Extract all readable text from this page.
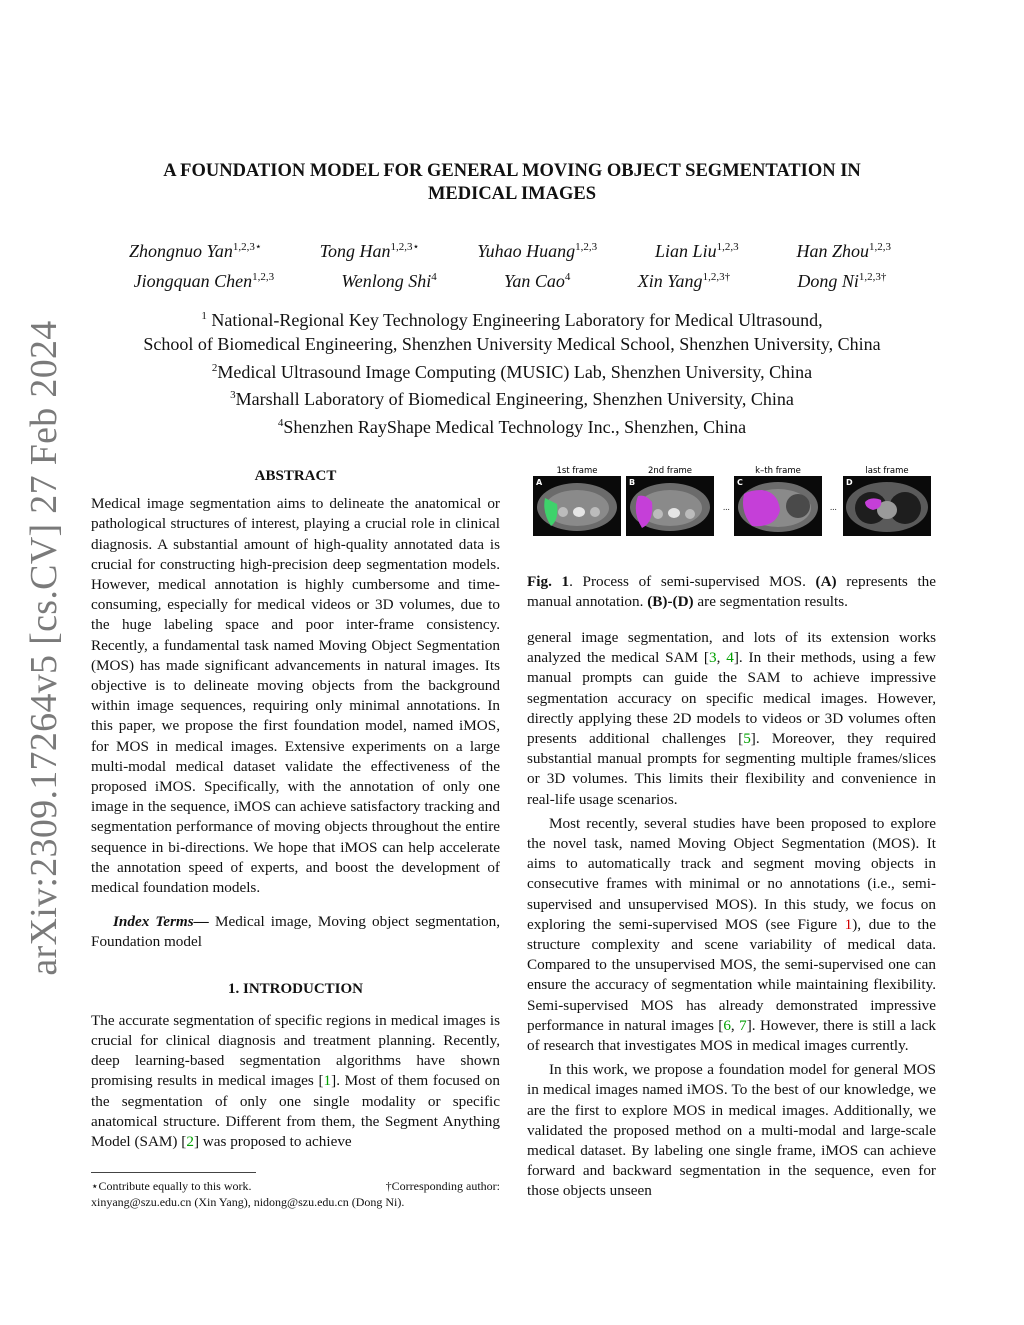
arXiv:2309.17264v5 [cs.CV] 27 Feb 2024
A FOUNDATION MODEL FOR GENERAL MOVING OBJECT SEGMENTATION IN
MEDICAL IMAGES
Zhongnuo Yan$^{1,2,3⋆}$	Tong Han$^{1,2,3⋆}$	Yuhao Huang$^{1,2,3}$	Lian Liu$^{1,2,3}$	Han Zhou$^{1,2,3}$
Jiongquan Chen$^{1,2,3}$	Wenlong Shi$^4$	Yan Cao$^4$	Xin Yang$^{1,2,3\dagger}$	Dong $Ni^{1,2,3\dagger}$
$^1$ National-Regional Key Technology Engineering Laboratory for Medical Ultrasound,
School of Biomedical Engineering, Shenzhen University Medical School, Shenzhen University, China
$^2$Medical Ultrasound Image Computing (MUSIC) Lab, Shenzhen University, China
$^3$Marshall Laboratory of Biomedical Engineering, Shenzhen University, China
$^4$Shenzhen RayShape Medical Technology Inc., Shenzhen, China
ABSTRACT

Medical image segmentation aims to delineate the anatomical or pathological structures of interest, playing a crucial role in clinical diagnosis. A substantial amount of high-quality annotated data is crucial for constructing high-precision deep segmentation models. However, medical annotation is highly cumbersome and time-consuming, especially for medical videos or 3D volumes, due to the huge labeling space and poor inter-frame consistency. Recently, a fundamental task named Moving Object Segmentation (MOS) has made significant advancements in natural images. Its objective is to delineate moving objects from the background within image sequences, requiring only minimal annotations. In this paper, we propose the first foundation model, named iMOS, for MOS in medical images. Extensive experiments on a large multi-modal medical dataset validate the effectiveness of the proposed iMOS. Specifically, with the annotation of only one image in the sequence, iMOS can achieve satisfactory tracking and segmentation performance of moving objects throughout the entire sequence in bi-directions. We hope that iMOS can help accelerate the annotation speed of experts, and boost the development of medical foundation models.

Index Terms— Medical image, Moving object segmentation, Foundation model

1. INTRODUCTION

The accurate segmentation of specific regions in medical images is crucial for clinical diagnosis and treatment planning. Recently, deep learning-based segmentation algorithms have shown promising results in medical images [1]. Most of them focused on the segmentation of only one single modality or specific anatomical structure. Different from them, the Segment Anything Model (SAM) [2] was proposed to achieve

⋆Contribute equally to this work.	†Corresponding author:
xinyang@szu.edu.cn (Xin Yang), nidong@szu.edu.cn (Dong Ni).
A
1st frame
B
2nd frame
...
C
k–th frame
...
D
last frame
Fig. 1. Process of semi-supervised MOS. (A) represents the manual annotation. (B)-(D) are segmentation results.

general image segmentation, and lots of its extension works analyzed the medical SAM [3, 4]. In their methods, using a few manual prompts can guide the SAM to achieve impressive segmentation accuracy on specific medical images. However, directly applying these 2D models to videos or 3D volumes often presents additional challenges [5]. Moreover, they required substantial manual prompts for segmenting multiple frames/slices or 3D volumes. This limits their flexibility and convenience in real-life usage scenarios.

Most recently, several studies have been proposed to explore the novel task, named Moving Object Segmentation (MOS). It aims to automatically track and segment moving objects in consecutive frames with minimal or no annotations (i.e., semi-supervised and unsupervised MOS). In this study, we focus on exploring the semi-supervised MOS (see Figure 1), due to the structure complexity and scene variability of medical data. Compared to the unsupervised MOS, the semi-supervised one can ensure the accuracy of segmentation while maintaining flexibility. Semi-supervised MOS has already demonstrated impressive performance in natural images [6, 7]. However, there is still a lack of research that investigates MOS in medical images currently.

In this work, we propose a foundation model for general MOS in medical images named iMOS. To the best of our knowledge, we are the first to explore MOS in medical images. Additionally, we validated the proposed method on a multi-modal and large-scale medical dataset. By labeling one single frame, iMOS can achieve forward and backward segmentation in the sequence, even for those objects unseen
